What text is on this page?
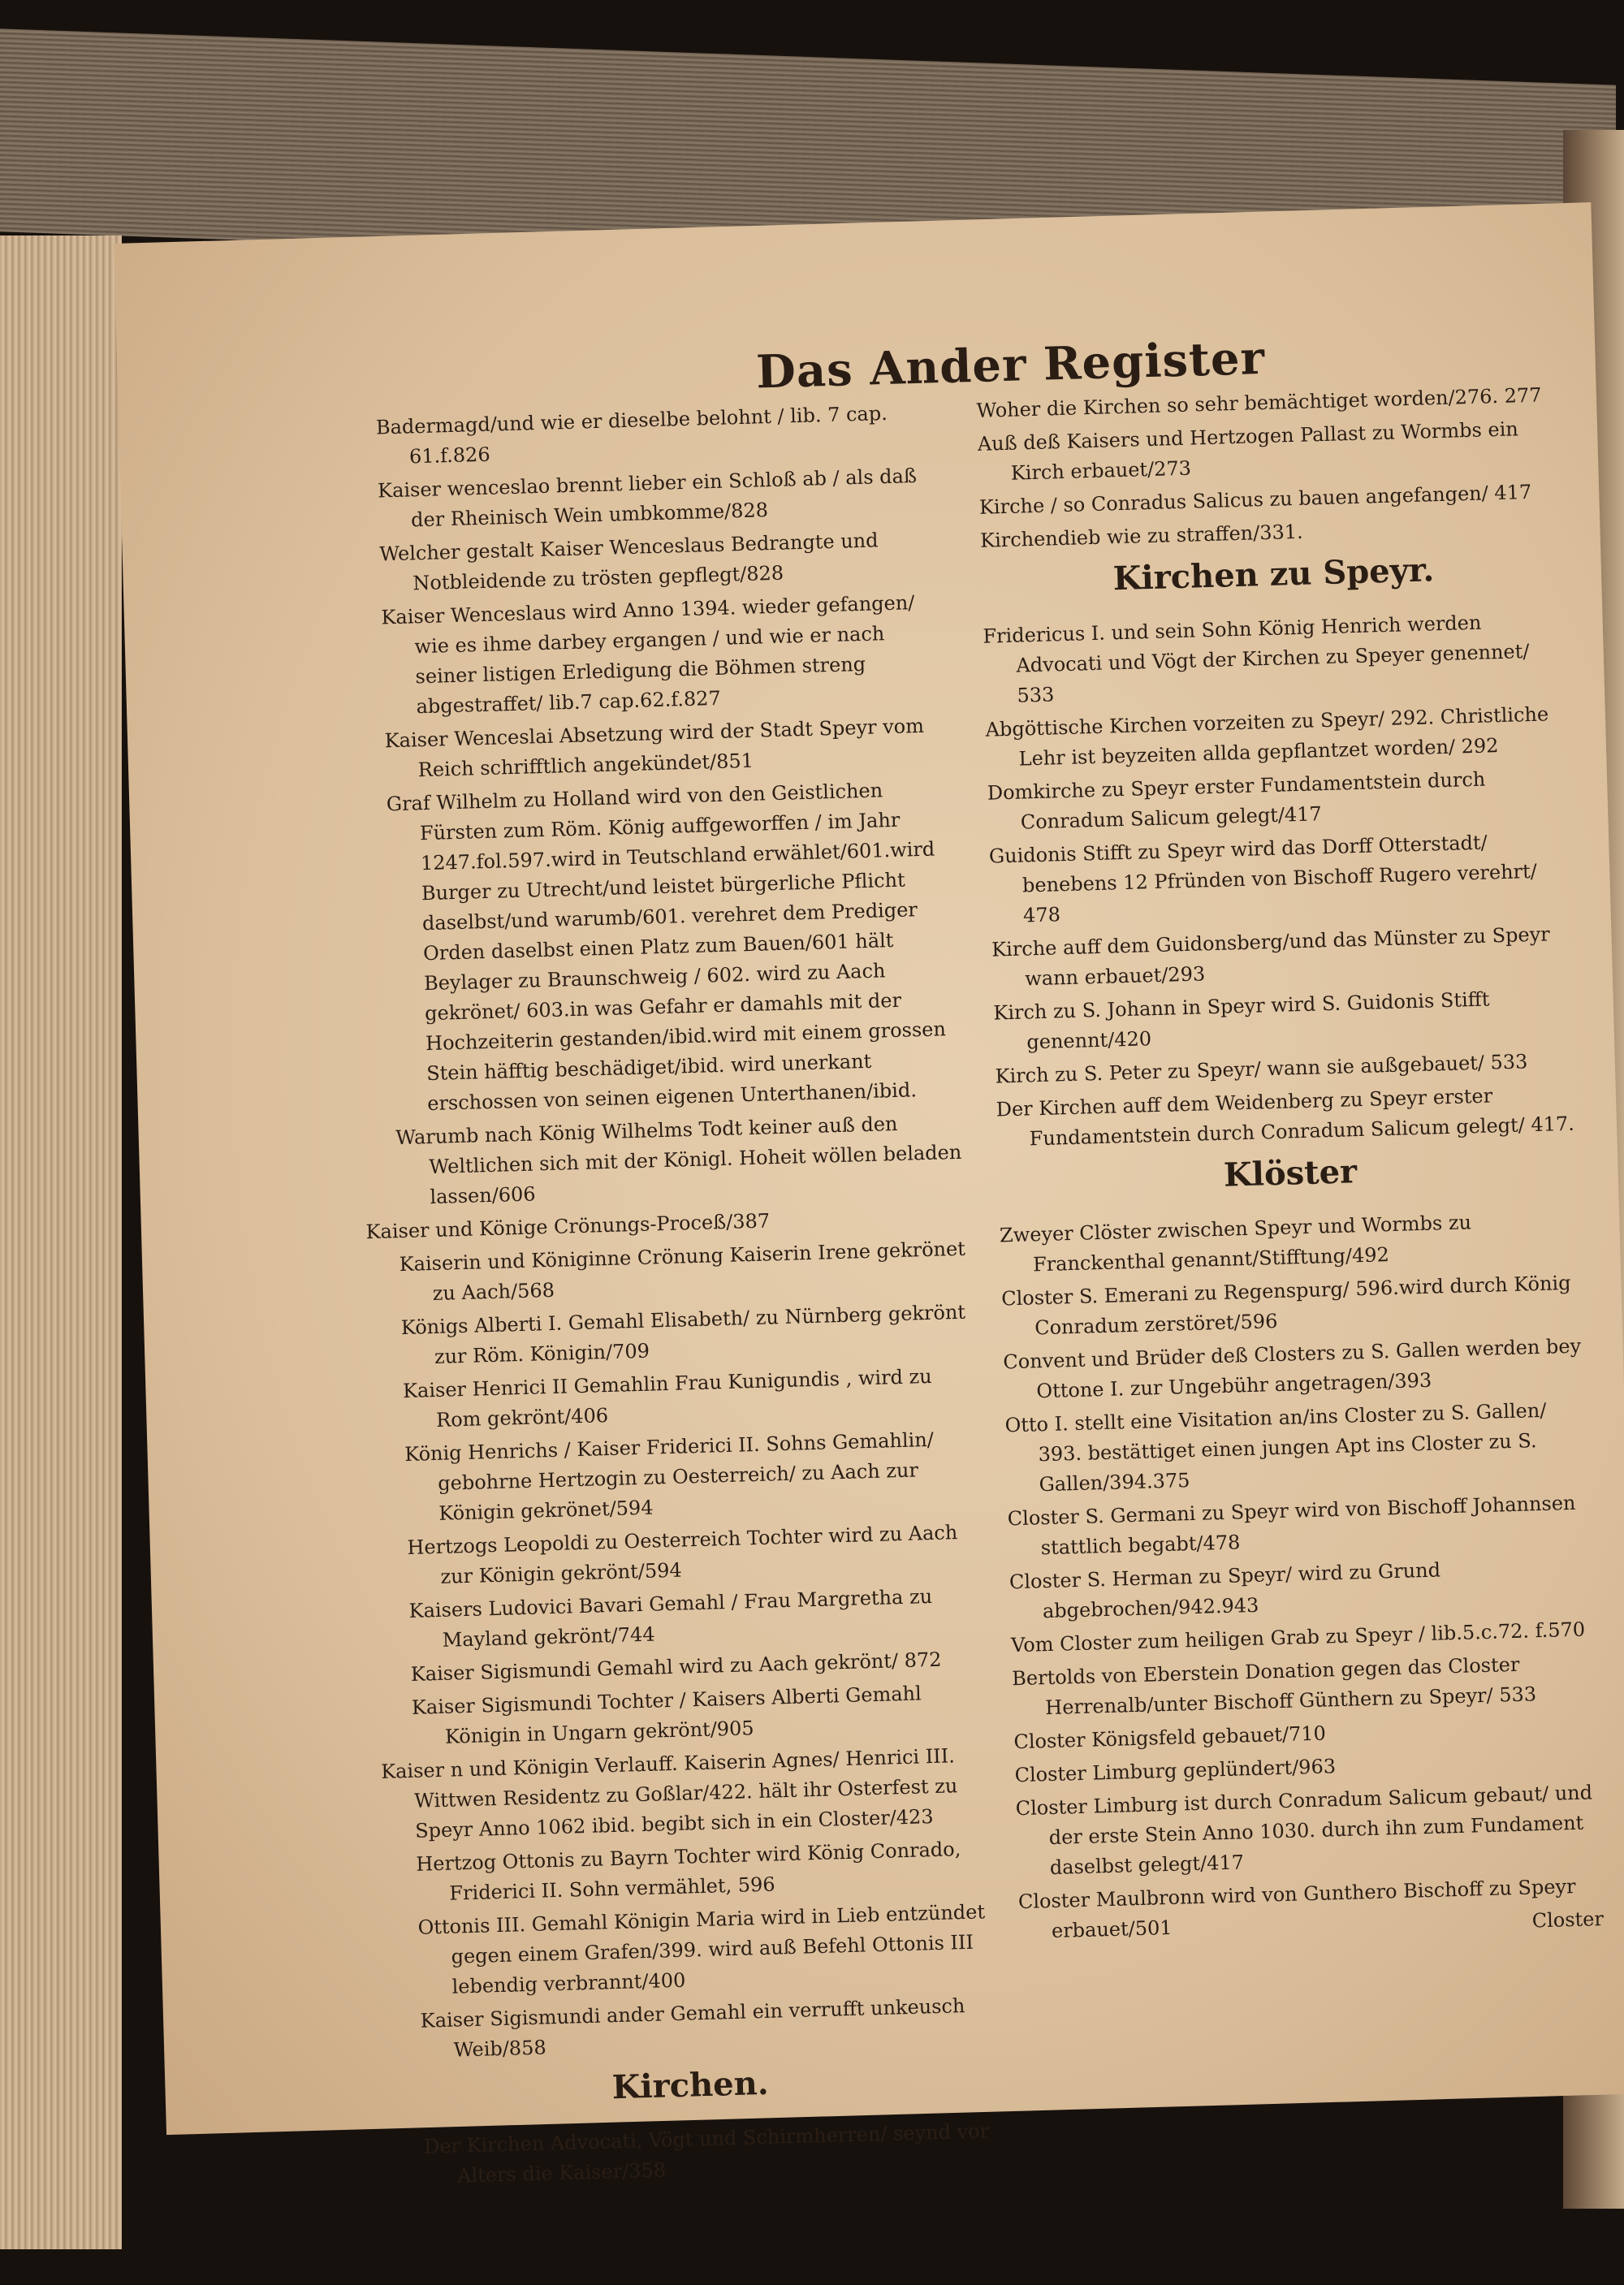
Das Ander Register

Badermagd/und wie er dieselbe belohnt / lib. 7 cap. 61.f.826

Kaiser wenceslao brennt lieber ein Schloß ab / als daß der Rheinisch Wein umbkomme/828

Welcher gestalt Kaiser Wenceslaus Bedrangte und Notbleidende zu trösten gepflegt/828

Kaiser Wenceslaus wird Anno 1394. wieder gefangen/ wie es ihme darbey ergangen / und wie er nach seiner listigen Erledigung die Böhmen streng abgestraffet/ lib.7 cap.62.f.827

Kaiser Wenceslai Absetzung wird der Stadt Speyr vom Reich schrifftlich angekündet/851

Graf Wilhelm zu Holland wird von den Geistlichen Fürsten zum Röm. König auffgeworffen / im Jahr 1247.fol.597.wird in Teutschland erwählet/601.wird Burger zu Utrecht/und leistet bürgerliche Pflicht daselbst/und warumb/601. verehret dem Prediger Orden daselbst einen Platz zum Bauen/601 hält Beylager zu Braunschweig / 602. wird zu Aach gekrönet/ 603.in was Gefahr er damahls mit der Hochzeiterin gestanden/ibid.wird mit einem grossen Stein häfftig beschädiget/ibid. wird unerkant erschossen von seinen eigenen Unterthanen/ibid.

Warumb nach König Wilhelms Todt keiner auß den Weltlichen sich mit der Königl. Hoheit wöllen beladen lassen/606

Kaiser und Könige Crönungs-Proceß/387

Kaiserin und Königinne Crönung Kaiserin Irene gekrönet zu Aach/568

Königs Alberti I. Gemahl Elisabeth/ zu Nürnberg gekrönt zur Röm. Königin/709

Kaiser Henrici II Gemahlin Frau Kunigundis , wird zu Rom gekrönt/406

König Henrichs / Kaiser Friderici II. Sohns Gemahlin/ gebohrne Hertzogin zu Oesterreich/ zu Aach zur Königin gekrönet/594

Hertzogs Leopoldi zu Oesterreich Tochter wird zu Aach zur Königin gekrönt/594

Kaisers Ludovici Bavari Gemahl / Frau Margretha zu Mayland gekrönt/744

Kaiser Sigismundi Gemahl wird zu Aach gekrönt/ 872

Kaiser Sigismundi Tochter / Kaisers Alberti Gemahl Königin in Ungarn gekrönt/905

Kaiser n und Königin Verlauff. Kaiserin Agnes/ Henrici III. Wittwen Residentz zu Goßlar/422. hält ihr Osterfest zu Speyr Anno 1062 ibid. begibt sich in ein Closter/423

Hertzog Ottonis zu Bayrn Tochter wird König Conrado, Friderici II. Sohn vermählet, 596

Ottonis III. Gemahl Königin Maria wird in Lieb entzündet gegen einem Grafen/399. wird auß Befehl Ottonis III lebendig verbrannt/400

Kaiser Sigismundi ander Gemahl ein verrufft unkeusch Weib/858

Kirchen.

Der Kirchen Advocati, Vögt und Schirmherren/ seynd vor Alters die Kaiser/358

Woher die Kirchen so sehr bemächtiget worden/276. 277

Auß deß Kaisers und Hertzogen Pallast zu Wormbs ein Kirch erbauet/273

Kirche / so Conradus Salicus zu bauen angefangen/ 417

Kirchendieb wie zu straffen/331.

Kirchen zu Speyr.

Fridericus I. und sein Sohn König Henrich werden Advocati und Vögt der Kirchen zu Speyer genennet/ 533

Abgöttische Kirchen vorzeiten zu Speyr/ 292. Christliche Lehr ist beyzeiten allda gepflantzet worden/ 292

Domkirche zu Speyr erster Fundamentstein durch Conradum Salicum gelegt/417

Guidonis Stifft zu Speyr wird das Dorff Otterstadt/ benebens 12 Pfründen von Bischoff Rugero verehrt/ 478

Kirche auff dem Guidonsberg/und das Münster zu Speyr wann erbauet/293

Kirch zu S. Johann in Speyr wird S. Guidonis Stifft genennt/420

Kirch zu S. Peter zu Speyr/ wann sie außgebauet/ 533

Der Kirchen auff dem Weidenberg zu Speyr erster Fundamentstein durch Conradum Salicum gelegt/ 417.

Klöster

Zweyer Clöster zwischen Speyr und Wormbs zu Franckenthal genannt/Stifftung/492

Closter S. Emerani zu Regenspurg/ 596.wird durch König Conradum zerstöret/596

Convent und Brüder deß Closters zu S. Gallen werden bey Ottone I. zur Ungebühr angetragen/393

Otto I. stellt eine Visitation an/ins Closter zu S. Gallen/ 393. bestättiget einen jungen Apt ins Closter zu S. Gallen/394.375

Closter S. Germani zu Speyr wird von Bischoff Johannsen stattlich begabt/478

Closter S. Herman zu Speyr/ wird zu Grund abgebrochen/942.943

Vom Closter zum heiligen Grab zu Speyr / lib.5.c.72. f.570

Bertolds von Eberstein Donation gegen das Closter Herrenalb/unter Bischoff Günthern zu Speyr/ 533

Closter Königsfeld gebauet/710

Closter Limburg geplündert/963

Closter Limburg ist durch Conradum Salicum gebaut/ und der erste Stein Anno 1030. durch ihn zum Fundament daselbst gelegt/417

Closter Maulbronn wird von Gunthero Bischoff zu Speyr erbauet/501	Closter
